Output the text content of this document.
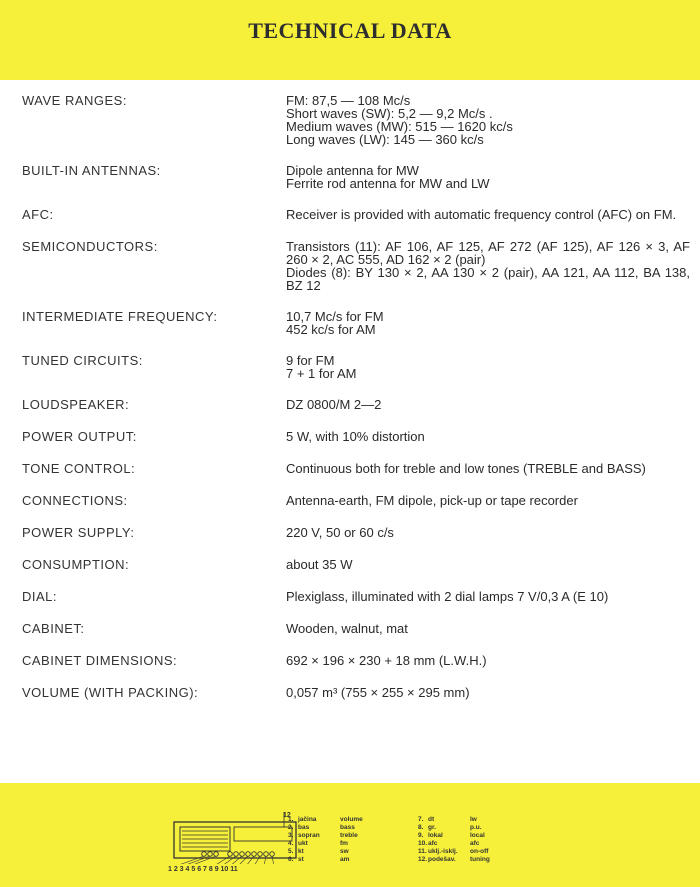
TECHNICAL DATA
WAVE RANGES:	FM: 87,5 — 108 Mc/s
Short waves (SW): 5,2 — 9,2 Mc/s .
Medium waves (MW): 515 — 1620 kc/s
Long waves (LW): 145 — 360 kc/s
BUILT-IN ANTENNAS:	Dipole antenna for MW
Ferrite rod antenna for MW and LW
AFC:	Receiver is provided with automatic frequency control (AFC) on FM.
SEMICONDUCTORS:	Transistors (11): AF 106, AF 125, AF 272 (AF 125), AF 126 × 3, AF 260 × 2, AC 555, AD 162 × 2 (pair)
Diodes (8): BY 130 × 2, AA 130 × 2 (pair), AA 121, AA 112, BA 138, BZ 12
INTERMEDIATE FREQUENCY:	10,7 Mc/s for FM
452 kc/s for AM
TUNED CIRCUITS:	9 for FM
7 + 1 for AM
LOUDSPEAKER:	DZ 0800/M 2—2
POWER OUTPUT:	5 W, with 10% distortion
TONE CONTROL:	Continuous both for treble and low tones (TREBLE and BASS)
CONNECTIONS:	Antenna-earth, FM dipole, pick-up or tape recorder
POWER SUPPLY:	220 V, 50 or 60 c/s
CONSUMPTION:	about 35 W
DIAL:	Plexiglass, illuminated with 2 dial lamps 7 V/0,3 A (E 10)
CABINET:	Wooden, walnut, mat
CABINET DIMENSIONS:	692 × 196 × 230 + 18 mm (L.W.H.)
VOLUME (WITH PACKING):	0,057 m³ (755 × 255 × 295 mm)
12
1 2 3 4 5 6 7 8 9 10 11
1. jačina	volume	7. dt	lw
2. bas	bass	8. gr.	p.u.
3. sopran	treble	9. lokal	local
4. ukt	fm	10. afc	afc
5. kt	sw	11. uklj.-isklj.	on-off
6. st	am	12. podešav.	tuning
